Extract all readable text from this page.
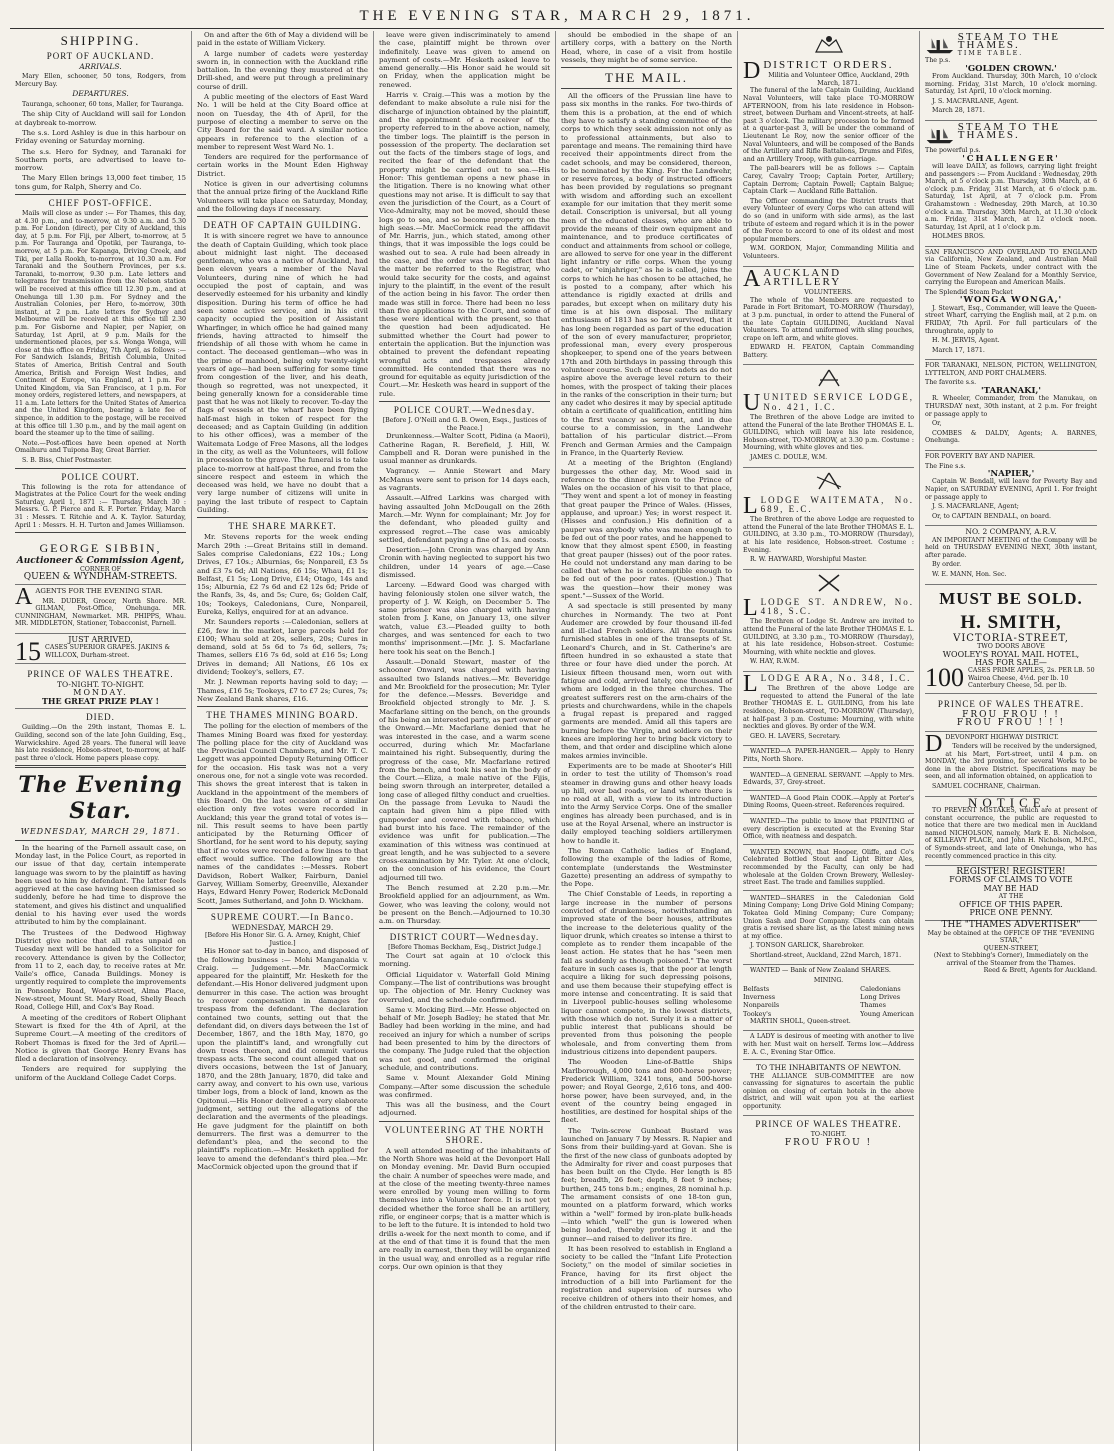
THE EVENING STAR, MARCH 29, 1871.
SHIPPING.
PORT OF AUCKLAND.
ARRIVALS.

Mary Ellen, schooner, 50 tons, Rodgers, from Mercury Bay.

DEPARTURES.

Tauranga, schooner, 60 tons, Maller, for Tauranga.

The ship City of Auckland will sail for London at daybreak to-morrow.

The s.s. Lord Ashley is due in this harbour on Friday evening or Saturday morning.

The s.s. Hero for Sydney, and Taranaki for Southern ports, are advertised to leave to-morrow.

The Mary Ellen brings 13,000 feet timber, 15 tons gum, for Ralph, Sherry and Co.

CHIEF POST-OFFICE.

Mails will close as under :— For Thames, this day, at 4.30 p.m., and to-morrow, at 9.30 a.m. and 5.30 p.m. For London (direct), per City of Auckland, this day, at 5 p.m. For Fiji, per Albert, to-morrow, at 5 p.m. For Tauranga and Opotiki, per Tauranga, to-morrow, at 5 p.m. For Kapanga, Driving Creek, and Tiki, per Lalla Rookh, to-morrow, at 10.30 a.m. For Taranaki and the Southern Provinces, per s.s. Taranaki, to-morrow, 9.30 p.m. Late letters and telegrams for transmission from the Nelson station will be received at this office till 12.30 p.m., and at Onehunga till 1.30 p.m. For Sydney and the Australian Colonies, per Hero, to-morrow, 30th instant, at 2 p.m. Late letters for Sydney and Melbourne will be received at this office till 2.30 p.m. For Gisborne and Napier, per Napier, on Saturday, 1st April, at 9 p.m. Mails for the undermentioned places, per s.s. Wonga Wonga, will close at this office on Friday, 7th April, as follows :— For Sandwich Islands, British Columbia, United States of America, British Central and South America, British and Foreign West Indies, and Continent of Europe, via England, at 1 p.m. For United Kingdom, via San Francisco, at 1 p.m. For money orders, registered letters, and newspapers, at 11 a.m. Late letters for the United States of America and the United Kingdom, bearing a late fee of sixpence, in addition to the postage, will be received at this office till 1.30 p.m., and by the mail agent on board the steamer up to the time of sailing.

Note.—Post-offices have been opened at North Omaihuru and Tuipona Bay, Great Barrier.

S. B. Biss, Chief Postmaster.

POLICE COURT.

This following is the rota for attendance of Magistrates at the Police Court for the week ending Saturday, April 1, 1871 :— Thursday, March 30 : Messrs. G. P. Pierce and R. F. Porter. Friday, March 31 : Messrs. T. Ritchie and A. K. Taylor. Saturday, April 1 : Messrs. H. H. Turton and James Williamson.

GEORGE SIBBIN,
Auctioneer & Commission Agent,
CORNER OF
QUEEN & WYNDHAM-STREETS.

AAGENTS FOR THE EVENING STAR.

MR. DUDER, Grocer, North Shore. MR. GILMAN, Post-Office, Onehunga. MR. CUNNINGHAM, Newmarket. MR. PHIPPS, Whau. MR. MIDDLETON, Stationer, Tobacconist, Parnell.

JUST ARRIVED,
15 CASES SUPERIOR GRAPES. JAKINS & WILLCOX, Durham-street.
PRINCE OF WALES THEATRE.
TO-NIGHT. TO-NIGHT.
MONDAY.
THE GREAT PRIZE PLAY !
DIED.

Guilding.—On the 29th instant, Thomas E. L. Guilding, second son of the late John Guilding, Esq., Warwickshire. Aged 28 years. The funeral will leave his late residence, Hobson-street, to-morrow, at half-past three o'clock. Home papers please copy.

The Evening Star.
WEDNESDAY, MARCH 29, 1871.

In the hearing of the Parnell assault case, on Monday last, in the Police Court, as reported in our issue of that day, certain intemperate language was sworn to by the plaintiff as having been used to him by defendant. The latter feels aggrieved at the case having been dismissed so suddenly, before he had time to disprove the statement, and gives his distinct and unqualified denial to his having ever used the words attributed to him by the complainant.

The Trustees of the Dedwood Highway District give notice that all rates unpaid on Tuesday next will be handed to a Solicitor for recovery. Attendance is given by the Collector, from 11 to 2, each day, to receive rates at Mr. Vaile's office, Canada Buildings. Money is urgently required to complete the improvements in Ponsonby Road, Wood-street, Alma Place, New-street, Mount St. Mary Road, Shelly Beach Road, College Hill, and Cox's Bay Road.

A meeting of the creditors of Robert Oliphant Stewart is fixed for the 4th of April, at the Supreme Court.—A meeting of the creditors of Robert Thomas is fixed for the 3rd of April.—Notice is given that George Henry Evans has filed a declaration of insolvency.

Tenders are required for supplying the uniform of the Auckland College Cadet Corps.

On and after the 6th of May a dividend will be paid in the estate of William Vickery.

A large number of cadets were yesterday sworn in, in connection with the Auckland rifle battalion. In the evening they mustered at the Drill-shed, and were put through a preliminary course of drill.

A public meeting of the electors of East Ward No. 1 will be held at the City Board office at noon on Tuesday, the 4th of April, for the purpose of electing a member to serve on the City Board for the said ward. A similar notice appears in reference to the election of a member to represent West Ward No. 1.

Tenders are required for the performance of certain works in the Mount Eden Highway District.

Notice is given in our advertising columns that the annual prize firing of the Auckland Rifle Volunteers will take place on Saturday, Monday, and the following days if necessary.

DEATH OF CAPTAIN GUILDING.

It is with sincere regret we have to announce the death of Captain Guilding, which took place about midnight last night. The deceased gentleman, who was a native of Auckland, had been eleven years a member of the Naval Volunteers, during nine of which he had occupied the post of captain, and was deservedly esteemed for his urbanity and kindly disposition. During his term of office he had seen some active service, and in his civil capacity occupied the position of Assistant Wharfinger, in which office he had gained many friends, having attracted to himself the friendship of all those with whom he came in contact. The deceased gentleman—who was in the prime of manhood, being only twenty-eight years of age—had been suffering for some time from congestion of the liver, and his death, though so regretted, was not unexpected, it being generally known for a considerable time past that he was not likely to recover. To-day the flags of vessels at the wharf have been flying half-mast high in token of respect for the deceased; and as Captain Guilding (in addition to his other offices), was a member of the Waitemata Lodge of Free Masons, all the lodges in the city, as well as the Volunteers, will follow in procession to the grave. The funeral is to take place to-morrow at half-past three, and from the sincere respect and esteem in which the deceased was held, we have no doubt that a very large number of citizens will unite in paying the last tribute of respect to Captain Guilding.

THE SHARE MARKET.

Mr. Stevens reports for the week ending March 29th :—Great Britains still in demand. Sales comprise Caledonians, £22 10s.; Long Drives, £7 10s.; Alburnias, 6s; Nonpareil, £3 5s and £3 7s 6d; All Nations, £6 15s; Whau, £1 1s; Belfast, £1 5s; Long Drive, £14; Otago, 14s and 15s; Alburnia, £2 7s 6d and £2 12s 6d; Pride of the Ranfs, 3s, 4s, and 5s; Cure, 6s; Golden Calf, 10s; Tookeys, Caledonians, Cure, Nonpareil, Eureka, Kellys, enquired for at an advance.

Mr. Saunders reports :—Caledonian, sellers at £26, few in the market, large parcels held for £100; Whau sold at 20s, sellers, 20s; Cures in demand, sold at 5s 6d to 7s 6d, sellers, 7s; Thames, sellers £16 7s 6d, sold at £16 5s; Long Drives in demand; All Nations, £6 10s ex dividend; Tookey's, sellers, £7.

Mr. J. Newman reports having sold to day; —Thames, £16 5s; Tookeys, £7 to £7 2s; Cures, 7s; New Zealand Bank shares, £16.

THE THAMES MINING BOARD.

The polling for the election of members of the Thames Mining Board was fixed for yesterday. The polling place for the city of Auckland was the Provincial Council Chambers, and Mr. T. C. Leggett was appointed Deputy Returning Officer for the occasion. His task was not a very onerous one, for not a single vote was recorded. This shows the great interest that is taken in Auckland in the appointment of the members of this Board. On the last occasion of a similar election only five votes were recorded in Auckland; this year the grand total of votes is—nil. This result seems to have been partly anticipated by the Returning Officer of Shortland, for he sent word to his deputy, saying that if no votes were recorded a few lines to that effect would suffice. The following are the names of the candidates :—Messrs. Robert Davidson, Robert Walker, Fairburn, Daniel Garvey, William Somerby, Greenville, Alexander Hays, Edward Henry Power, Roderick McDonald Scott, James Sutherland, and John D. Wickham.

SUPREME COURT.—In Banco.
WEDNESDAY, MARCH 29.
[Before His Honor Sir. G. A. Arney, Knight, Chief Justice.]

His Honor sat to-day in banco, and disposed of the following business :— Mohi Manganakia v. Craig. — Judgement.—Mr. MacCormick appeared for the plaintiff, Mr. Hesketh for the defendant.—His Honor delivered judgment upon demurrer in this case. The action was brought to recover compensation in damages for trespass from the defendant. The declaration contained two counts, setting out that the defendant did, on divers days between the 1st of December, 1867, and the 18th May, 1870, go upon the plaintiff's land, and wrongfully cut down trees thereon, and did commit various trespass acts. The second count alleged that on divers occasions, between the 1st of January, 1870, and the 28th January, 1870, did take and carry away, and convert to his own use, various timber logs, from a block of land, known as the Opitonui.—His Honor delivered a very elaborate judgment, setting out the allegations of the declaration and the averments of the pleadings. He gave judgment for the plaintiff on both demurrers. The first was a demurrer to the defendant's plea, and the second to the plaintiff's replication.—Mr. Hesketh applied for leave to amend the defendant's third plea.—Mr. MacCormick objected upon the ground that if

leave were given indiscriminately to amend the case, plaintiff might be thrown over indefinitely. Leave was given to amend on payment of costs.—Mr. Hesketh asked leave to amend generally.—His Honor said he would sit on Friday, when the application might be renewed.

Harris v. Craig.—This was a motion by the defendant to make absolute a rule nisi for the discharge of injunction obtained by the plaintiff, and the appointment of a receiver of the property referred to in the above action, namely, the timber logs. The plaintiff is the person in possession of the property. The declaration set out the facts of the timbers stage of logs, and recited the fear of the defendant that the property might be carried out to sea.—His Honor: This gentleman opens a new phase in the litigation. There is no knowing what other questions may not arise. It is difficult to say that even the jurisdiction of the Court, as a Court of Vice-Admiralty, may not be moved, should these logs go to sea, and so become property on the high seas.—Mr. MacCormick read the affidavit of Mr. Harris, jun., which stated, among other things, that it was impossible the logs could be washed out to sea. A rule had been already in the case, and the order was to the effect that the matter be referred to the Registrar, who would take security for the costs, and against injury to the plaintiff, in the event of the result of the action being in his favor. The order then made was still in force. There had been no less than five applications to the Court, and some of these were identical with the present, so that the question had been adjudicated. He submitted whether the Court had power to entertain the application. But the injunction was obtained to prevent the defendant repeating wrongful acts and trespasses already committed. He contended that there was no ground for equitable as equity jurisdiction of the Court.—Mr. Hesketh was heard in support of the rule.

POLICE COURT.—Wednesday.
[Before J. O'Neill and G. B. Owen, Esqs., Justices of the Peace.]

Drunkenness.—Walter Scott, Pidina (a Maori), Catherine Ragan, R. Berefield, J. Hill, W. Campbell and R. Doran were punished in the usual manner as drunkards.

Vagrancy. — Annie Stewart and Mary McManus were sent to prison for 14 days each, as vagrants.

Assault.—Alfred Larkins was charged with having assaulted John McDougall on the 26th March.—Mr. Wynn for complainant; Mr. Joy for the defendant, who pleaded guilty and expressed regret.—The case was amicably settled, defendant paying a fine of 1s. and costs.

Desertion.—John Cronin was charged by Ann Cronin with having neglected to support his two children, under 14 years of age.—Case dismissed.

Larceny. —Edward Good was charged with having feloniously stolen one silver watch, the property of J. W. Keigh, on December 5. The same prisoner was also charged with having stolen from J. Kane, on January 13, one silver watch, value £3.—Pleaded guilty to both charges, and was sentenced for each to two months' imprisonment.—[Mr. J. S. Macfarlane here took his seat on the Bench.]

Assault.—Donald Stewart, master of the schooner Onward, was charged with having assaulted two Islands natives.—Mr. Beveridge and Mr. Brookfield for the prosecution; Mr. Tyler for the defence.—Messrs. Beveridge and Brookfield objected strongly to Mr. J. S. Macfarlane sitting on the bench, on the grounds of his being an interested party, as part owner of the Onward.—Mr. Macfarlane denied that he was interested in the case, and a warm scene occurred, during which Mr. Macfarlane maintained his right. Subsequently, during the progress of the case, Mr. Macfarlane retired from the bench, and took his seat in the body of the Court.—Eliza, a male native of the Fijis, being sworn through an interpreter, detailed a long case of alleged filthy conduct and cruelties. On the passage from Levuka to Naudi the captain had given him a pipe filled with gunpowder and covered with tobacco, which had burst into his face. The remainder of the evidence was unfit for publication.—The examination of this witness was continued at great length, and he was subjected to a severe cross-examination by Mr. Tyler. At one o'clock, on the conclusion of his evidence, the Court adjourned till two.

The Bench resumed at 2.20 p.m.—Mr. Brookfield applied for an adjournment, as Wm. Gower, who was leaving the colony, would not be present on the Bench.—Adjourned to 10.30 a.m. on Thursday.

DISTRICT COURT—Wednesday.
[Before Thomas Beckham, Esq., District Judge.]

The Court sat again at 10 o'clock this morning.

Official Liquidator v. Waterfall Gold Mining Company.—The list of contributions was brought up. The objection of Mr. Henry Cuckney was overruled, and the schedule confirmed.

Same v. Mocking Bird.—Mr. Hesse objected on behalf of Mr. Joseph Badley; he stated that Mr. Badley had been working in the mine, and had received an injury for which a number of scrips had been presented to him by the directors of the company. The Judge ruled that the objection was not good, and confirmed the original schedule, and contributions.

Same v. Mount Alexander Gold Mining Company.—After some discussion the schedule was confirmed.

This was all the business, and the Court adjourned.

VOLUNTEERING AT THE NORTH SHORE.

A well attended meeting of the inhabitants of the North Shore was held at the Devonport Hall on Monday evening. Mr. David Burn occupied the chair. A number of speeches were made, and at the close of the meeting twenty-three names were enrolled by young men willing to form themselves into a Volunteer force. It is not yet decided whether the force shall be an artillery, rifle, or engineer corps; that is a matter which is to be left to the future. It is intended to hold two drills a-week for the next month to come, and if at the end of that time it is found that the men are really in earnest, then they will be organized in the usual way, and enrolled as a regular rifle corps. Our own opinion is that they

should be embodied in the shape of an artillery corps, with a battery on the North Head, where, in case of a visit from hostile vessels, they might be of some service.

THE MAIL.

All the officers of the Prussian line have to pass six months in the ranks. For two-thirds of them this is a probation, at the end of which they have to satisfy a standing committee of the corps to which they seek admission not only as to professional attainments, but also to parentage and means. The remaining third have received their appointments direct from the cadet schools, and may be considered, thereon, to be nominated by the King. For the Landwehr, or reserve forces, a body of instructed officers has been provided by regulations so pregnant with wisdom and affording such an excellent example for our imitation that they merit some detail. Conscription is universal, but all young men of the educated classes, who are able to provide the means of their own equipment and maintenance, and to produce certificates of conduct and attainments from school or college, are allowed to serve for one year in the different light infantry or rifle corps. When the young cadet, or "einjahriger," as he is called, joins the corps to which he has chosen to be attached, he is posted to a company, after which his attendance is rigidly exacted at drills and parades, but except when on military duty his time is at his own disposal. The military enthusiasm of 1813 has so far survived, that it has long been regarded as part of the education of the son of every manufacturer, proprietor, professional man, every every prosperous shopkeeper, to spend one of the years between 17th and 20th birthdays in passing through this volunteer course. Such of these cadets as do not aspire above the average level return to their homes, with the prospect of taking their places in the ranks of the conscription in their turn; but any cadet who desires it may by special aptitude obtain a certificate of qualification, entitling him to the first vacancy as sergeant, and in due course to a commission, in the Landwehr battalion of his particular district.—From French and German Armies and the Campaign in France, in the Quarterly Review.

At a meeting of the Brighton (England) burgesses the other day, Mr. Wood said in reference to the dinner given to the Prince of Wales on the occasion of his visit to that place, "They went and spent a lot of money in feasting that great pauper the Prince of Wales. (Hisses, applause, and uproar.) Yes; in worst respect it. (Hisses and confusion.) His definition of a pauper was anybody who was mean enough to be fed out of the poor rates, and he happened to know that they almost spent £500, in feasting that great pauper (hisses) out of the poor rates. He could not understand any man daring to be called that when he is contemptible enough to be fed out of the poor rates. (Question.) That was the question—how their money was spent."—Sussex of the World.

A sad spectacle is still presented by many churches in Normandy. The two at Pont Audemer are crowded by four thousand ill-fed and ill-clad French soldiers. All the fountains furnished stables in one of the transepts of St. Leonard's Church, and in St. Catherine's are fifteen hundred in so exhausted a state that three or four have died under the porch. At Lisieux fifteen thousand men, worn out with fatigue and cold, arrived lately, one thousand of whom are lodged in the three churches. The greatest sufferers rest on the arm-chairs of the priests and churchwardens, while in the chapels a frugal repast is prepared and ragged garments are mended. Amid all this tapers are burning before the Virgin, and soldiers on their knees are imploring her to bring back victory to them, and that order and discipline which alone makes armies invincible.

Experiments are to be made at Shooter's Hill in order to test the utility of Thomson's road steamer in drawing guns and other heavy loads up hill, over bad roads, or land where there is no road at all, with a view to its introduction into the Army Service Corps. One of the smaller engines has already been purchased, and is in use at the Royal Arsenal, where an instructor is daily employed teaching soldiers artillerymen how to handle it.

The Roman Catholic ladies of England, following the example of the ladies of Rome, contemplate (understands the Westminster Gazette) presenting an address of sympathy to the Pope.

The Chief Constable of Leeds, in reporting a large increase in the number of persons convicted of drunkenness, notwithstanding an improved state of the beer houses, attributes the increase to the deleterious quality of the liquor drunk, which creates so intense a thirst to complete as to render them incapable of the least action. He states that he has "seen men fall as suddenly as though poisoned." The worst feature in such cases is, that the poor at length acquire a liking for such depressing poisons, and use them because their stupefying effect is more intense and concentrating. It is said that in Liverpool public-houses selling wholesome liquor cannot compete, in the lowest districts, with those which do not. Surely it is a matter of public interest that publicans should be prevented from thus poisoning the people wholesale, and from converting them from industrious citizens into dependent paupers.

The Wooden Line-of-Battle Ships Marlborough, 4,000 tons and 800-horse power; Frederick William, 3241 tons, and 500-horse power; and Royal George, 2,616 tons, and 400-horse power, have been surveyed, and, in the event of the country being engaged in hostilities, are destined for hospital ships of the fleet.

The Twin-screw Gunboat Bustard was launched on January 7 by Messrs. R. Napier and Sons from their building-yard at Govan. She is the first of the new class of gunboats adopted by the Admiralty for river and coast purposes that has been built on the Clyde. Her length is 85 feet; breadth, 26 feet; depth, 8 feet 9 inches; burthen, 245 tons b.m.; engines, 28 nominal h.p. The armament consists of one 18-ton gun, mounted on a platform forward, which works within a "well" formed by iron-plate bulk-heads—into which "well" the gun is lowered when being loaded, thereby protecting it and the gunner—and raised to deliver its fire.

It has been resolved to establish in England a society to be called the "Infant Life Protection Society," on the model of similar societies in France, having for its first object the introduction of a bill into Parliament for the registration and supervision of nurses who receive children of others into their homes, and of the children entrusted to their care.

DDISTRICT ORDERS.

Militia and Volunteer Office, Auckland, 29th March, 1871.

The funeral of the late Captain Guilding, Auckland Naval Volunteers, will take place TO-MORROW AFTERNOON, from his late residence in Hobson-street, between Durham and Vincent-streets, at half-past 3 o'clock. The military procession to be formed at a quarter-past 3, will be under the command of Lieutenant Le Roy, now the senior officer of the Naval Volunteers, and will be composed of the Bands of the Artillery and Rifle Battalions, Drums and Fifes, and an Artillery Troop, with gun-carriage.

The pall-bearers will be as follows :— Captain Carey, Cavalry Troop; Captain Porter, Artillery; Captain Derrom; Captain Powell; Captain Balgue; Captain Clark — Auckland Rifle Battalion.

The Officer commanding the District trusts that every Volunteer of every Corps who can attend will do so (and in uniform with side arms), as the last tribute of esteem and regard which it is in the power of the Force to accord to one of its oldest and most popular members.

W.M. GORDON, Major, Commanding Militia and Volunteers.

AAUCKLAND ARTILLERY

VOLUNTEERS.

The whole of the Members are requested to Parade in Fort Britomart, TO-MORROW (Thursday), at 3 p.m. punctual, in order to attend the Funeral of the late Captain GUILDING, Auckland Naval Volunteers. To attend uniformed with sling pouches, crape on left arm, and white gloves.

EDWARD H. FEATON, Captain Commanding Battery.

UUNITED SERVICE LODGE, No. 421, I.C.

The Brethren of the above Lodge are invited to attend the Funeral of the late Brother THOMAS E. L. GUILDING, which will leave his late residence, Hobson-street, TO-MORROW, at 3.30 p.m. Costume : Mourning, with white gloves and ties.

JAMES C. DOULE, W.M.

LLODGE WAITEMATA, No. 689, E.C.

The Brethren of the above Lodge are requested to attend the Funeral of the late Brother THOMAS E. L. GUILDING, at 3.30 p.m., TO-MORROW (Thursday), at his late residence, Hobson-street. Costume : Evening.

R. W. HAYWARD, Worshipful Master.

LLODGE ST. ANDREW, No. 418, S.C.

The Brethren of Lodge St. Andrew are invited to attend the Funeral of the late Brother THOMAS E. L. GUILDING, at 3.30 p.m., TO-MORROW (Thursday), at his late residence, Hobson-street. Costume: Mourning, with white necktie and gloves.

W. HAY, R.W.M.

LLODGE ARA, No. 348, I.C.

The Brethren of the above Lodge are requested to attend the Funeral of the late Brother THOMAS E. L. GUILDING, from his late residence, Hobson-street, TO-MORROW (Thursday), at half-past 3 p.m. Costume: Mourning, with white neckties and gloves. By order of the W.M.

GEO. H. LAVERS, Secretary.

WANTED—A PAPER-HANGER.— Apply to Henry Pitts, North Shore.

WANTED—A GENERAL SERVANT. —Apply to Mrs. Edwards, 37, Grey-street.

WANTED—A Good Plain COOK.—Apply at Porter's Dining Rooms, Queen-street. References required.

WANTED—The public to know that PRINTING of every description is executed at the Evening Star Office, with neatness and despatch.

WANTED KNOWN, that Hooper, Oliffe, and Co's Celebrated Bottled Stout and Light Bitter Ales, recommended by the Faculty, can only be had wholesale at the Golden Crown Brewery, Wellesley-street East. The trade and families supplied.

WANTED—SHARES in the Caledonian Gold Mining Company; Long Drive Gold Mining Company; Tokatea Gold Mining Company; Cure Company; Union Sash and Door Company. Clients can obtain gratis a revised share list, as the latest mining news at my office.

J. TONSON GARLICK, Sharebroker.

Shortland-street, Auckland, 22nd March, 1871.

WANTED — Bank of New Zealand SHARES.

MINING.
Belfasts
Inverness
Nonpareils
Tookey's
Caledonians
Long Drives
Thames
Young American

MARTIN SHOLL, Queen-street.

A LADY is desirous of meeting with another to live with her. Must wait on herself. Terms low.—Address E. A. C., Evening Star Office.

TO THE INHABITANTS OF NEWTON.

THE ALLIANCE SUB-COMMITTEE are now canvassing for signatures to ascertain the public opinion on closing of certain hotels in the above district, and will wait upon you at the earliest opportunity.

PRINCE OF WALES THEATRE.
TO-NIGHT.
FROU FROU !
STEAM TO THE THAMES.
TIME TABLE.
The p.s.
'GOLDEN CROWN.'

From Auckland. Thursday, 30th March, 10 o'clock morning. Friday, 31st March, 10 o'clock morning. Saturday, 1st April, 10 o'clock morning.

J. S. MACFARLANE, Agent.

March 28, 1871.

STEAM TO THE THAMES.
The powerful p.s.
'CHALLENGER'

will leave DAILY, as follows, carrying light freight and passengers :— From Auckland : Wednesday, 29th March, at 5 o'clock p.m. Thursday, 30th March, at 6 o'clock p.m. Friday, 31st March, at 6 o'clock p.m. Saturday, 1st April, at 7 o'clock p.m. From Grahamstown : Wednesday, 29th March, at 10.30 o'clock a.m. Thursday, 30th March, at 11.30 o'clock a.m. Friday, 31st March, at 12 o'clock noon. Saturday, 1st April, at 1 o'clock p.m.

HOLMES BROS.

SAN FRANCISCO AND OVERLAND TO ENGLAND via California, New Zealand, and Australian Mail Line of Steam Packets, under contract with the Government of New Zealand for a Monthly Service, carrying the European and American Mails.

The Splendid Steam Packet
'WONGA WONGA,'

J. Stewart, Esq., Commander, will leave the Queen-street Wharf, carrying the English mail, at 2 p.m. on FRIDAY, 7th April. For full particulars of the throughrate, apply to

H. M. JERVIS, Agent.

March 17, 1871.

FOR TARANAKI, NELSON, PICTON, WELLINGTON, LYTTELTON, AND PORT CHALMERS.

The favorite s.s.
'TARANAKI,'

R. Wheeler, Commander, from the Manukau, on THURSDAY next, 30th instant, at 2 p.m. For freight or passage apply to

Or,

COMBES & DALDY, Agents; A. BARNES, Onehunga.

FOR POVERTY BAY AND NAPIER.

The Fine s.s.
'NAPIER,'

Captain W. Bendall, will leave for Poverty Bay and Napier, on SATURDAY EVENING, April 1. For freight or passage apply to

J. S. MACFARLANE, Agent;

Or, to CAPTAIN BENDALL, on board.

NO. 2 COMPANY, A.R.V.

AN IMPORTANT MEETING of the Company will be held on THURSDAY EVENING NEXT, 30th instant, after parade.

By order.

W. E. MANN, Hon. Sec.

MUST BE SOLD.
H. SMITH,
VICTORIA-STREET,
TWO DOORS ABOVE
WOOLEY'S ROYAL MAIL HOTEL,
HAS FOR SALE—
100 CASES PRIME APPLES, 2s. PER LB. 50 Wairoa Cheese, 4½d. per lb. 10 Canterbury Cheese, 5d. per lb.
PRINCE OF WALES THEATRE.
FROU FROU ! !
FROU FROU ! ! !

DDEVONPORT HIGHWAY DISTRICT.

Tenders will be received by the undersigned, at his Mart, Fort-street, until 4 p.m. on MONDAY, the 3rd proximo, for several Works to be done in the above District. Specifications may be seen, and all information obtained, on application to

SAMUEL COCHRANE, Chairman.

NOTICE.

TO PREVENT MISTAKES, which are at present of constant occurrence, the public are requested to notice that there are two medical men in Auckland named NICHOLSON, namely, Mark E. B. Nicholson, of KILLEAVY PLACE, and John H. Nicholson, M.P.C., of Symonds-street, and late of Onehunga, who has recently commenced practice in this city.

REGISTER! REGISTER!
FORMS OF CLAIMS TO VOTE
MAY BE HAD
AT THE
OFFICE OF THIS PAPER.
PRICE ONE PENNY.
THE "THAMES ADVERTISER"
May be obtained at the OFFICE OF THE "EVENING STAR,"
QUEEN-STREET,
(Next to Stebbing's Corner), Immediately on the arrival of the Steamer from the Thames.
Reed & Brett, Agents for Auckland.
